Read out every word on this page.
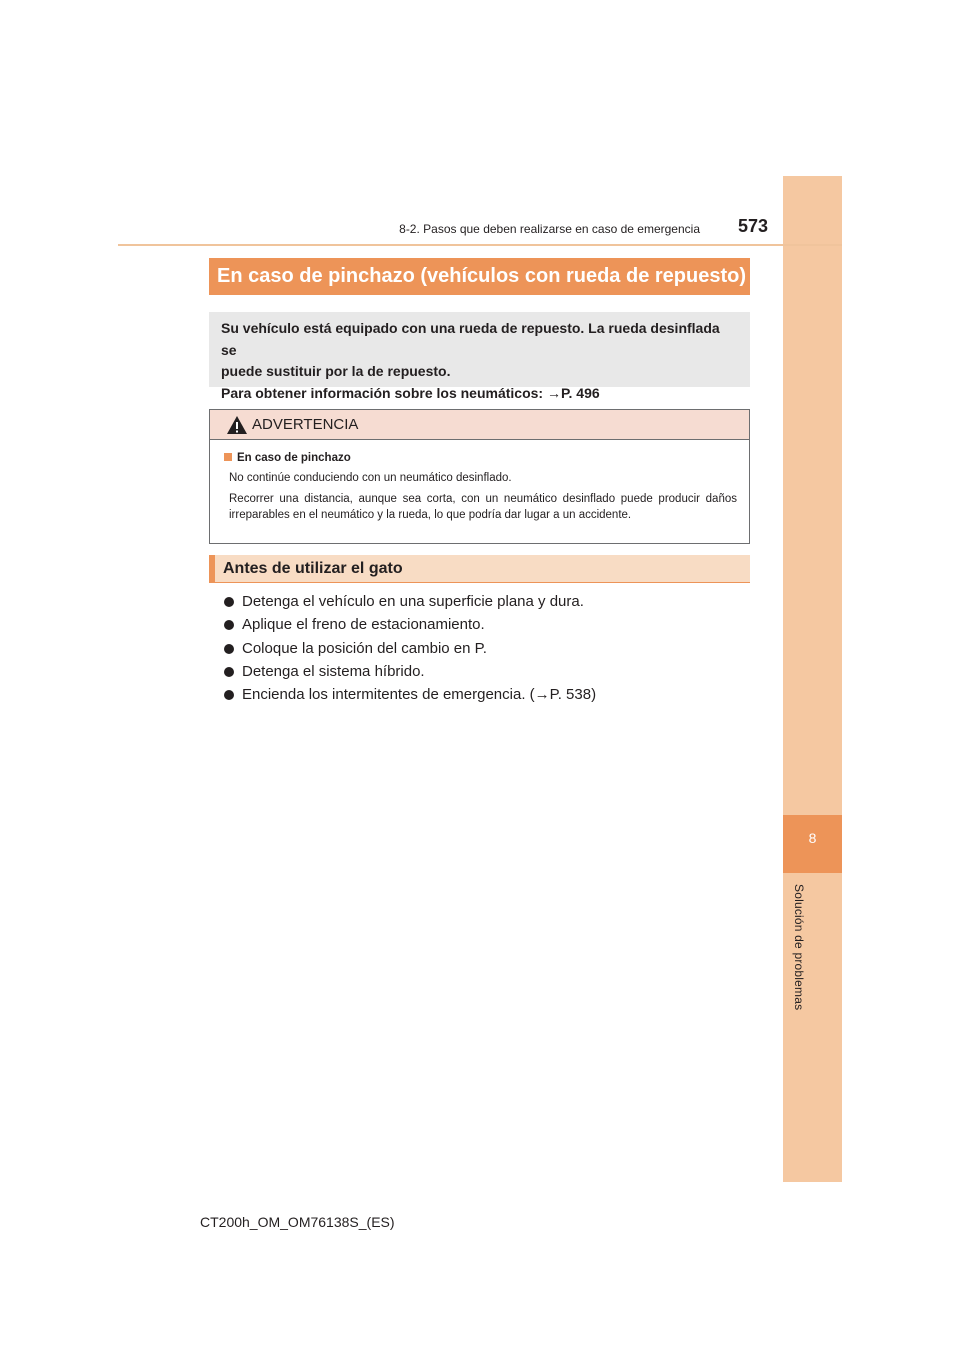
8
Solución de problemas
8-2. Pasos que deben realizarse en caso de emergencia 573
En caso de pinchazo (vehículos con rueda de repuesto)
Su vehículo está equipado con una rueda de repuesto. La rueda desinflada se
puede sustituir por la de repuesto.
Para obtener información sobre los neumáticos: →P. 496
ADVERTENCIA
En caso de pinchazo
No continúe conduciendo con un neumático desinflado.
Recorrer una distancia, aunque sea corta, con un neumático desinflado puede producir daños irreparables en el neumático y la rueda, lo que podría dar lugar a un accidente.
Antes de utilizar el gato
Detenga el vehículo en una superficie plana y dura.
Aplique el freno de estacionamiento.
Coloque la posición del cambio en P.
Detenga el sistema híbrido.
Encienda los intermitentes de emergencia. (→P. 538)
CT200h_OM_OM76138S_(ES)
